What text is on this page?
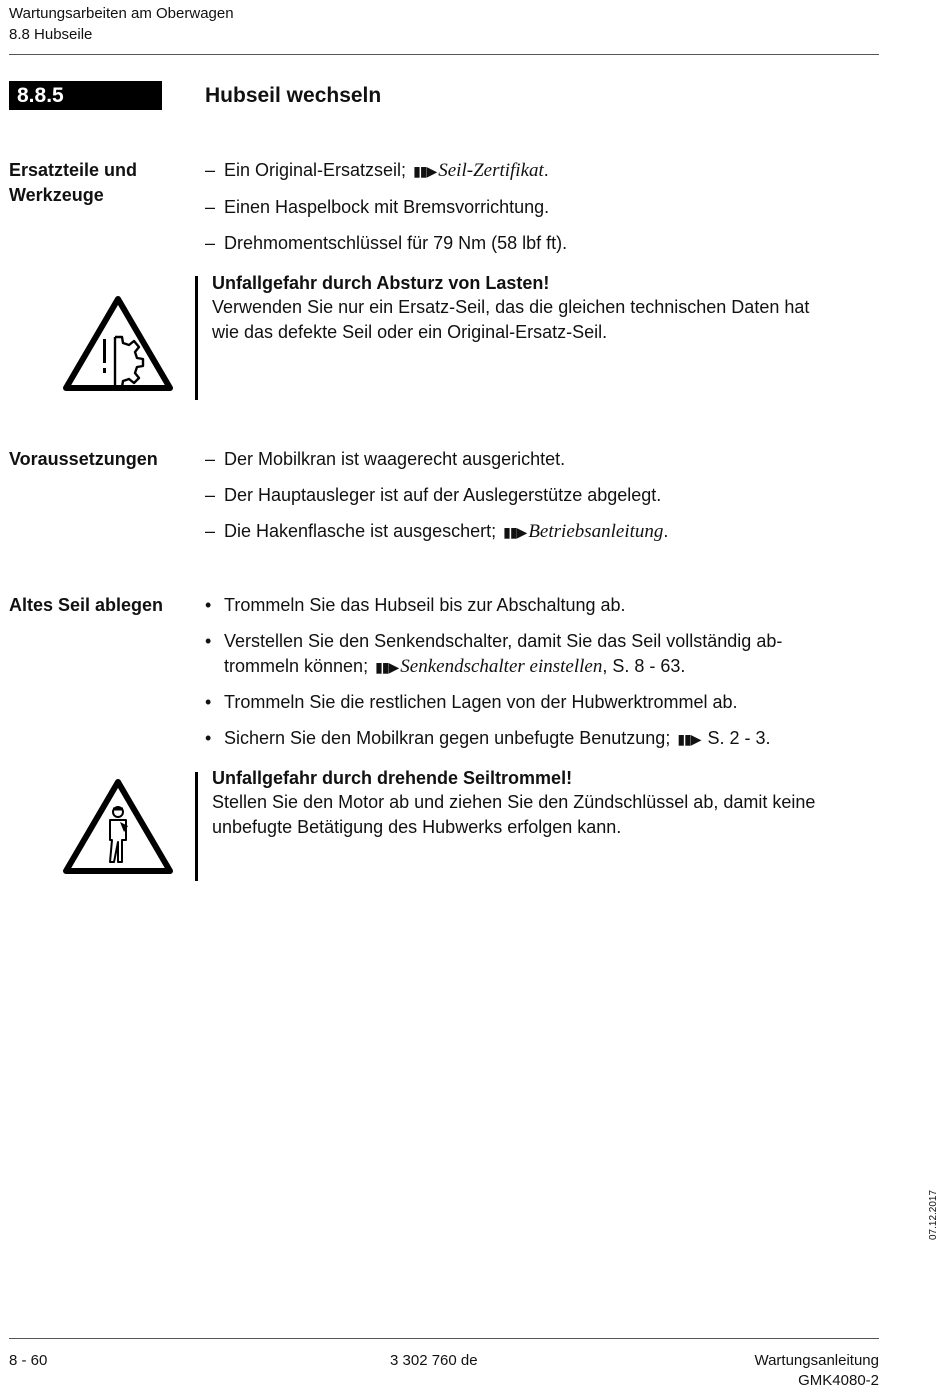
Wartungsarbeiten am Oberwagen
8.8 Hubseile
8.8.5	Hubseil wechseln
Ersatzteile und
Werkzeuge
– Ein Original-Ersatzseil; ▮▮▶ Seil-Zertifikat.
– Einen Haspelbock mit Bremsvorrichtung.
– Drehmomentschlüssel für 79 Nm (58 lbf ft).
Unfallgefahr durch Absturz von Lasten!
Verwenden Sie nur ein Ersatz-Seil, das die gleichen technischen Daten hat
wie das defekte Seil oder ein Original-Ersatz-Seil.
Voraussetzungen	– Der Mobilkran ist waagerecht ausgerichtet.
– Der Hauptausleger ist auf der Auslegerstütze abgelegt.
– Die Hakenflasche ist ausgeschert; ▮▮▶ Betriebsanleitung.
Altes Seil ablegen • Trommeln Sie das Hubseil bis zur Abschaltung ab.
• Verstellen Sie den Senkendschalter, damit Sie das Seil vollständig ab-
trommeln können; ▮▮▶ Senkendschalter einstellen, S. 8 - 63.
• Trommeln Sie die restlichen Lagen von der Hubwerktrommel ab.
• Sichern Sie den Mobilkran gegen unbefugte Benutzung; ▮▮▶ S. 2 - 3.
Unfallgefahr durch drehende Seiltrommel!
Stellen Sie den Motor ab und ziehen Sie den Zündschlüssel ab, damit keine
unbefugte Betätigung des Hubwerks erfolgen kann.
07.12.2017
8 - 60	3 302 760 de	Wartungsanleitung
GMK4080-2
